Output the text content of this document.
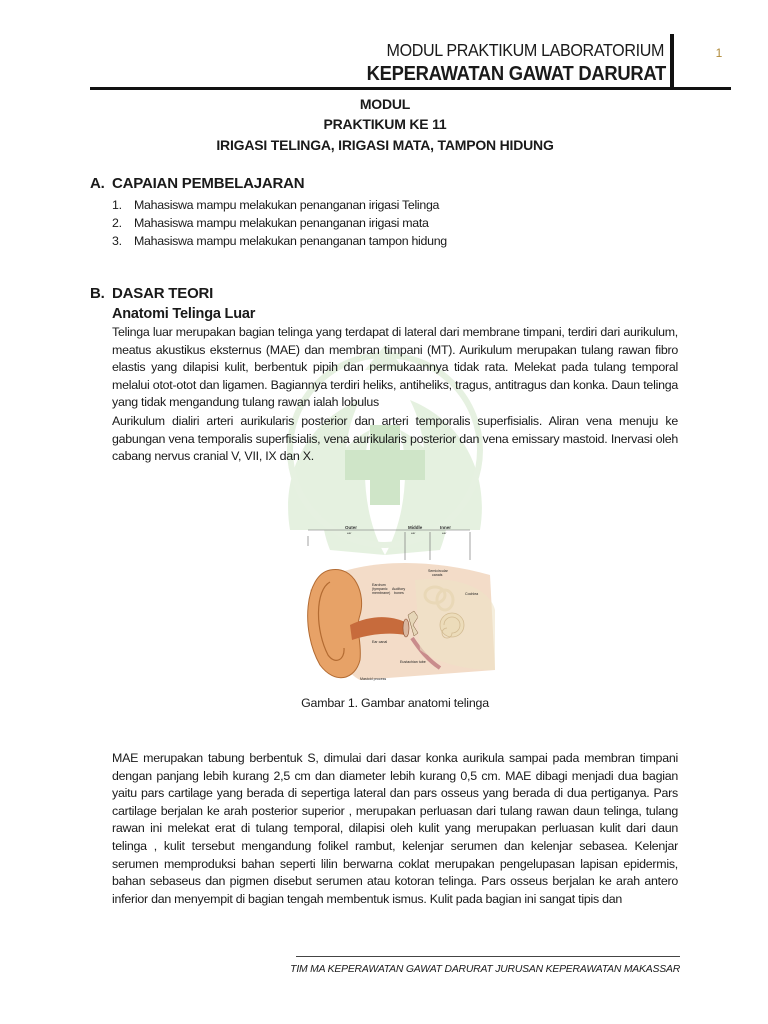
MODUL PRAKTIKUM LABORATORIUM
KEPERAWATAN GAWAT DARURAT
1
MODUL
PRAKTIKUM KE 11
IRIGASI TELINGA, IRIGASI MATA, TAMPON HIDUNG
A. CAPAIAN PEMBELAJARAN
1. Mahasiswa mampu melakukan penanganan irigasi Telinga
2. Mahasiswa mampu melakukan penanganan irigasi mata
3. Mahasiswa mampu melakukan penanganan tampon hidung
B. DASAR TEORI
Anatomi Telinga Luar

Telinga luar merupakan bagian telinga yang terdapat di lateral dari membrane timpani, terdiri dari aurikulum, meatus akustikus eksternus (MAE) dan membran timpani (MT). Aurikulum merupakan tulang rawan fibro elastis yang dilapisi kulit, berbentuk pipih dan permukaannya tidak rata. Melekat pada tulang temporal melalui otot-otot dan ligamen. Bagiannya terdiri heliks, antiheliks, tragus, antitragus dan konka. Daun telinga yang tidak mengandung tulang rawan ialah lobulus

Aurikulum dialiri arteri aurikularis posterior dan arteri temporalis superfisialis. Aliran vena menuju ke gabungan vena temporalis superfisialis, vena aurikularis posterior dan vena emissary mastoid. Inervasi oleh cabang nervus cranial V, VII, IX dan X.

Outer
ear
Middle
ear
Inner
ear
Eardrum
(tympanic
membrane)
Auditory
bones
Semicircular
canals
Cochlea
Ear canal
Eustachian tube
Mastoid process
Gambar 1. Gambar anatomi telinga

MAE merupakan tabung berbentuk S, dimulai dari dasar konka aurikula sampai pada membran timpani dengan panjang lebih kurang 2,5 cm dan diameter lebih kurang 0,5 cm. MAE dibagi menjadi dua bagian yaitu pars cartilage yang berada di sepertiga lateral dan pars osseus yang berada di dua pertiganya. Pars cartilage berjalan ke arah posterior superior , merupakan perluasan dari tulang rawan daun telinga, tulang rawan ini melekat erat di tulang temporal, dilapisi oleh kulit yang merupakan perluasan kulit dari daun telinga , kulit tersebut mengandung folikel rambut, kelenjar serumen dan kelenjar sebasea. Kelenjar serumen memproduksi bahan seperti lilin berwarna coklat merupakan pengelupasan lapisan epidermis, bahan sebaseus dan pigmen disebut serumen atau kotoran telinga. Pars osseus berjalan ke arah antero inferior dan menyempit di bagian tengah membentuk ismus. Kulit pada bagian ini sangat tipis dan

TIM MA KEPERAWATAN GAWAT DARURAT JURUSAN KEPERAWATAN MAKASSAR
